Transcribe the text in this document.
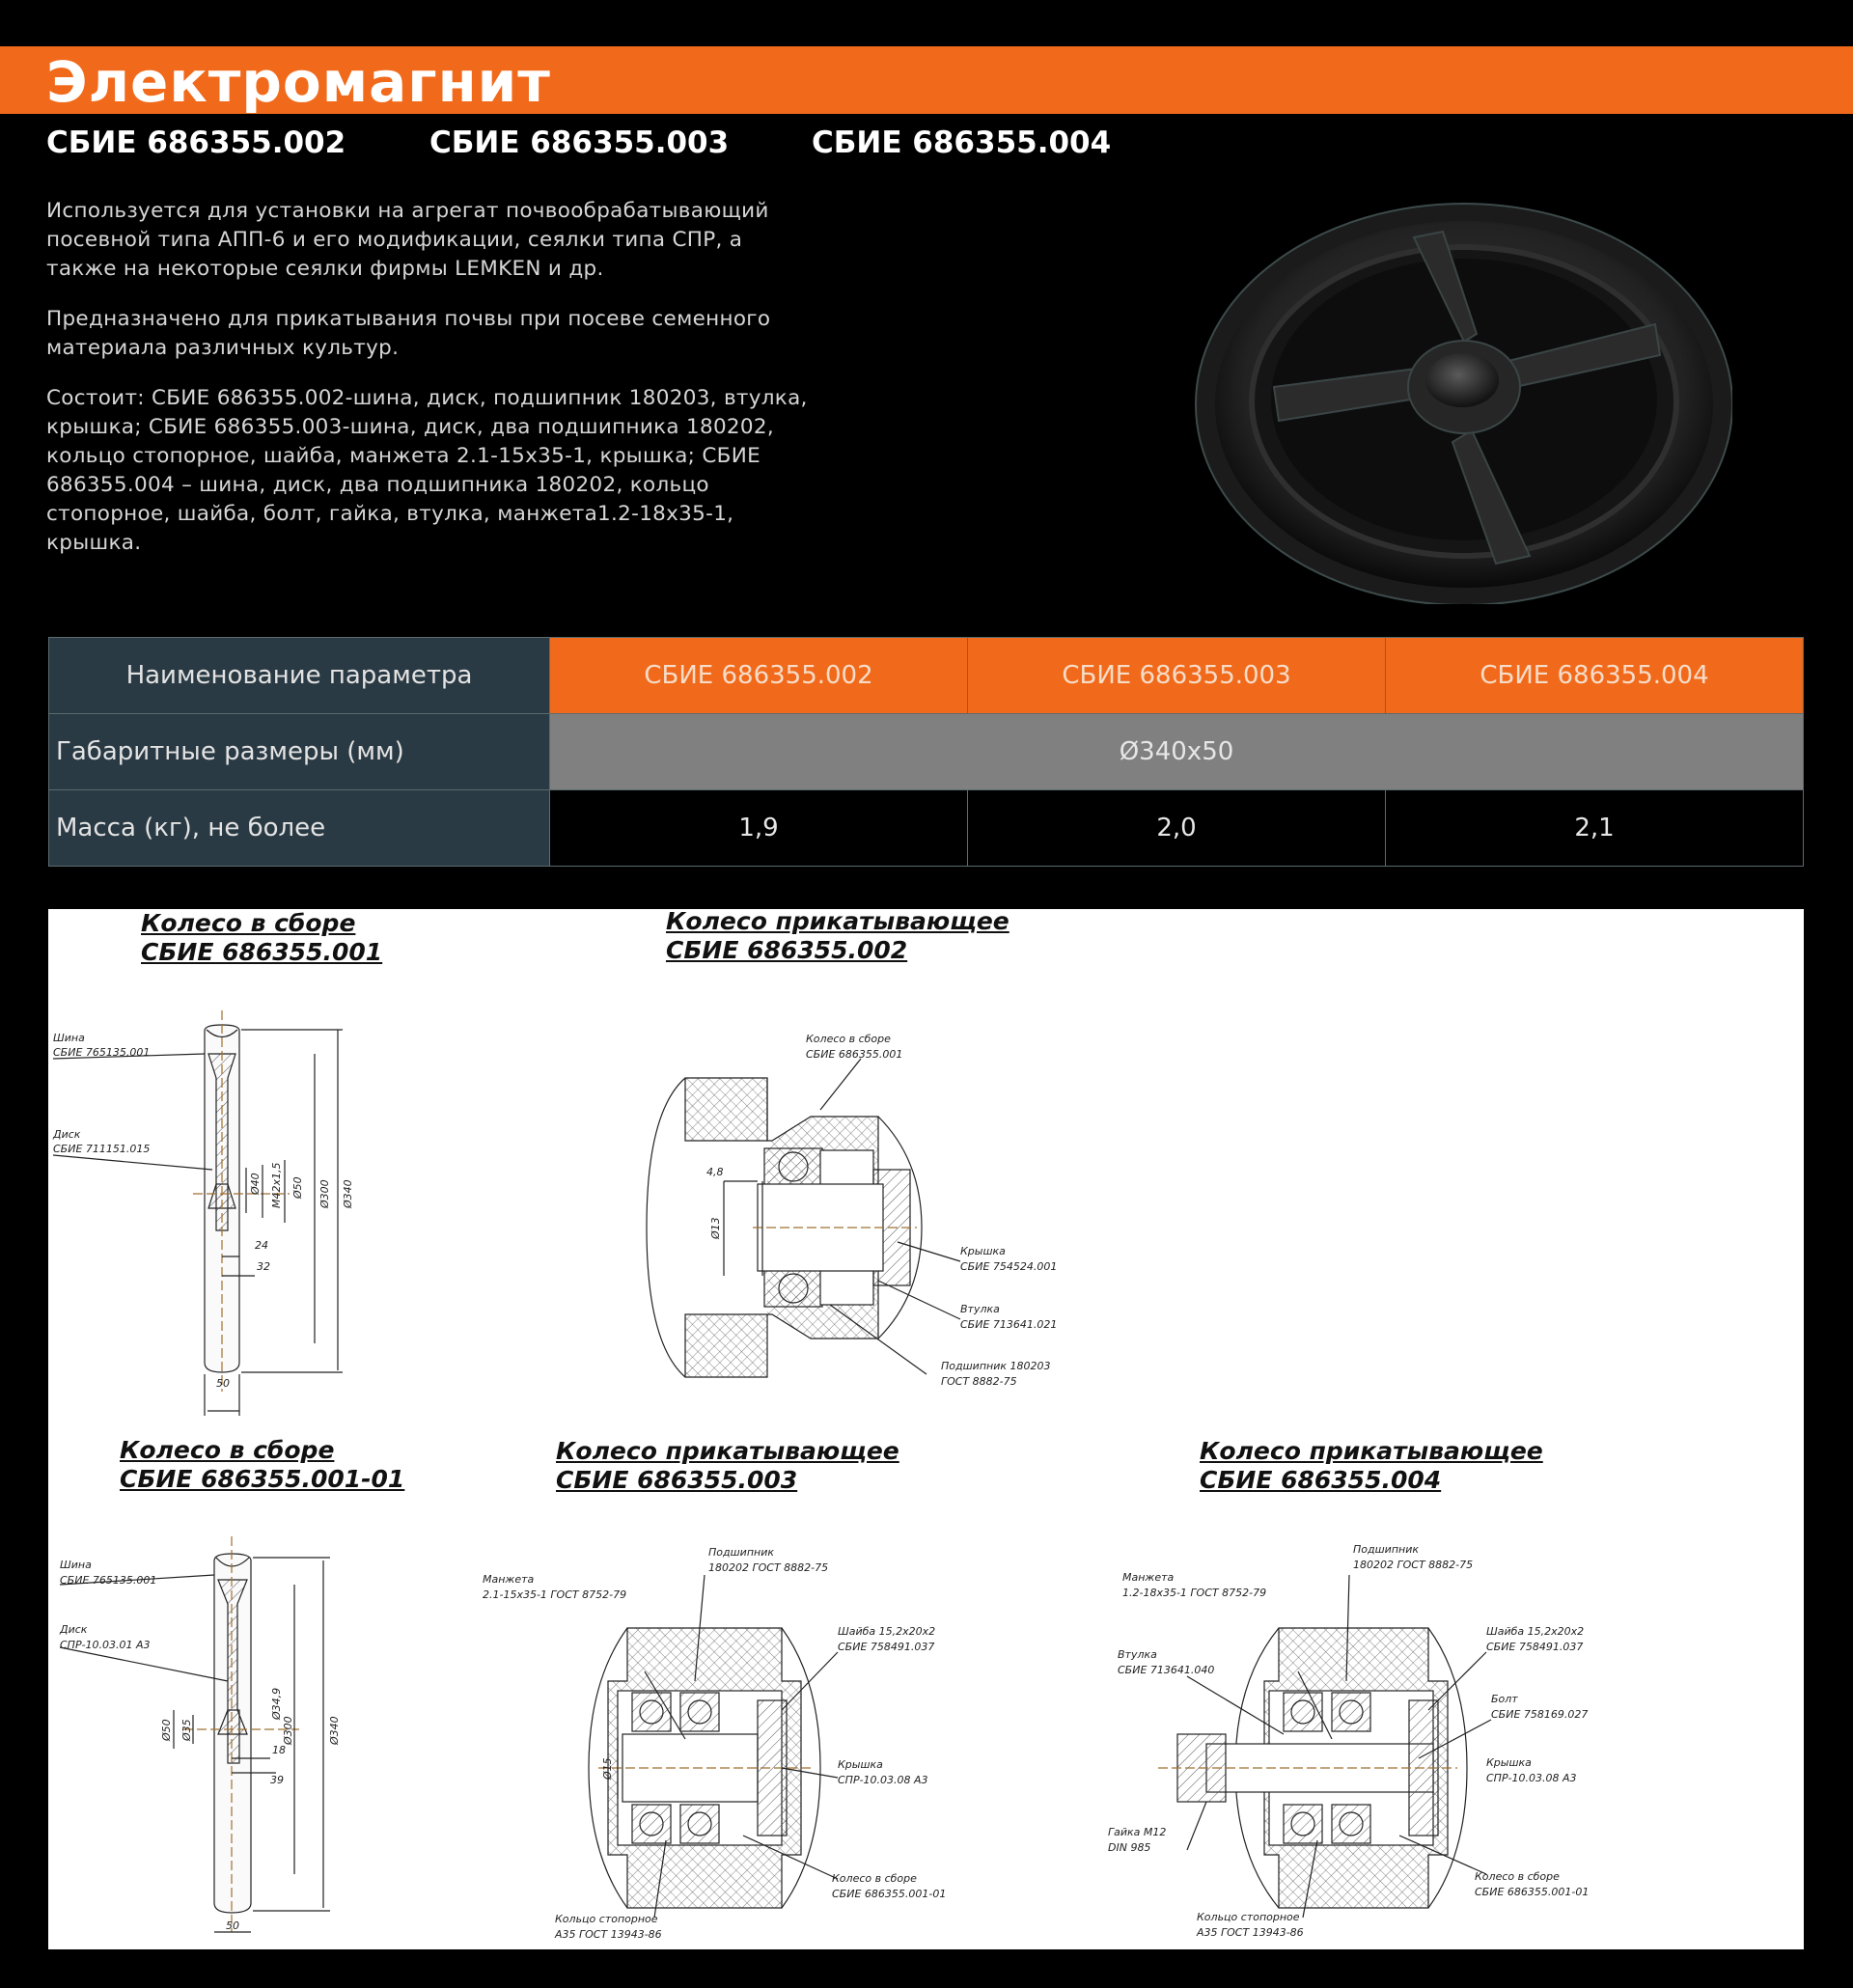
Электромагнит
СБИЕ 686355.002	СБИЕ 686355.003	СБИЕ 686355.004

Используется для установки на агрегат почвообрабатывающий посевной типа АПП-6 и его модификации, сеялки типа СПР, а также на некоторые сеялки фирмы LEMKEN и др.

Предназначено для прикатывания почвы при посеве семенного материала различных культур.

Состоит: СБИЕ 686355.002-шина, диск, подшипник 180203, втулка, крышка; СБИЕ 686355.003-шина, диск, два подшипника 180202, кольцо стопорное, шайба, манжета 2.1-15х35-1, крышка; СБИЕ 686355.004 – шина, диск, два подшипника 180202, кольцо стопорное, шайба, болт, гайка, втулка, манжета1.2-18х35-1, крышка.

Наименование параметра	СБИЕ 686355.002	СБИЕ 686355.003	СБИЕ 686355.004
Габаритные размеры (мм)	Ø340х50		
Масса (кг), не более	1,9	2,0	2,1
Шина
СБИЕ 765135.001
Диск
СБИЕ 711151.015
Ø40 М42х1,5 Ø50 Ø300 Ø340
24
32
50
Колесо в сборе
СБИЕ 686355.001
Крышка
СБИЕ 754524.001
Втулка
СБИЕ 713641.021
Подшипник 180203
ГОСТ 8882-75
4,8
Ø13
Шина
СБИЕ 765135.001
Диск
СПР-10.03.01 А3
Ø34,9
Ø50 Ø35	Ø300	Ø340
18
39
50
Подшипник
180202 ГОСТ 8882-75
Манжета
2.1-15х35-1 ГОСТ 8752-79
Шайба 15,2х20х2
СБИЕ 758491.037
Крышка
СПР-10.03.08 А3
Колесо в сборе
СБИЕ 686355.001-01
Кольцо стопорное
А35 ГОСТ 13943-86
Ø15
Подшипник
180202 ГОСТ 8882-75
Манжета
1.2-18х35-1 ГОСТ 8752-79
Втулка
СБИЕ 713641.040
Шайба 15,2х20х2
СБИЕ 758491.037
Болт
СБИЕ 758169.027
Крышка
СПР-10.03.08 А3
Гайка М12
DIN 985
Колесо в сборе
СБИЕ 686355.001-01
Кольцо стопорное
А35 ГОСТ 13943-86
Колесо в сборе
СБИЕ 686355.001
Колесо прикатывающее
СБИЕ 686355.002
Колесо в сборе
СБИЕ 686355.001-01
Колесо прикатывающее
СБИЕ 686355.003
Колесо прикатывающее
СБИЕ 686355.004
